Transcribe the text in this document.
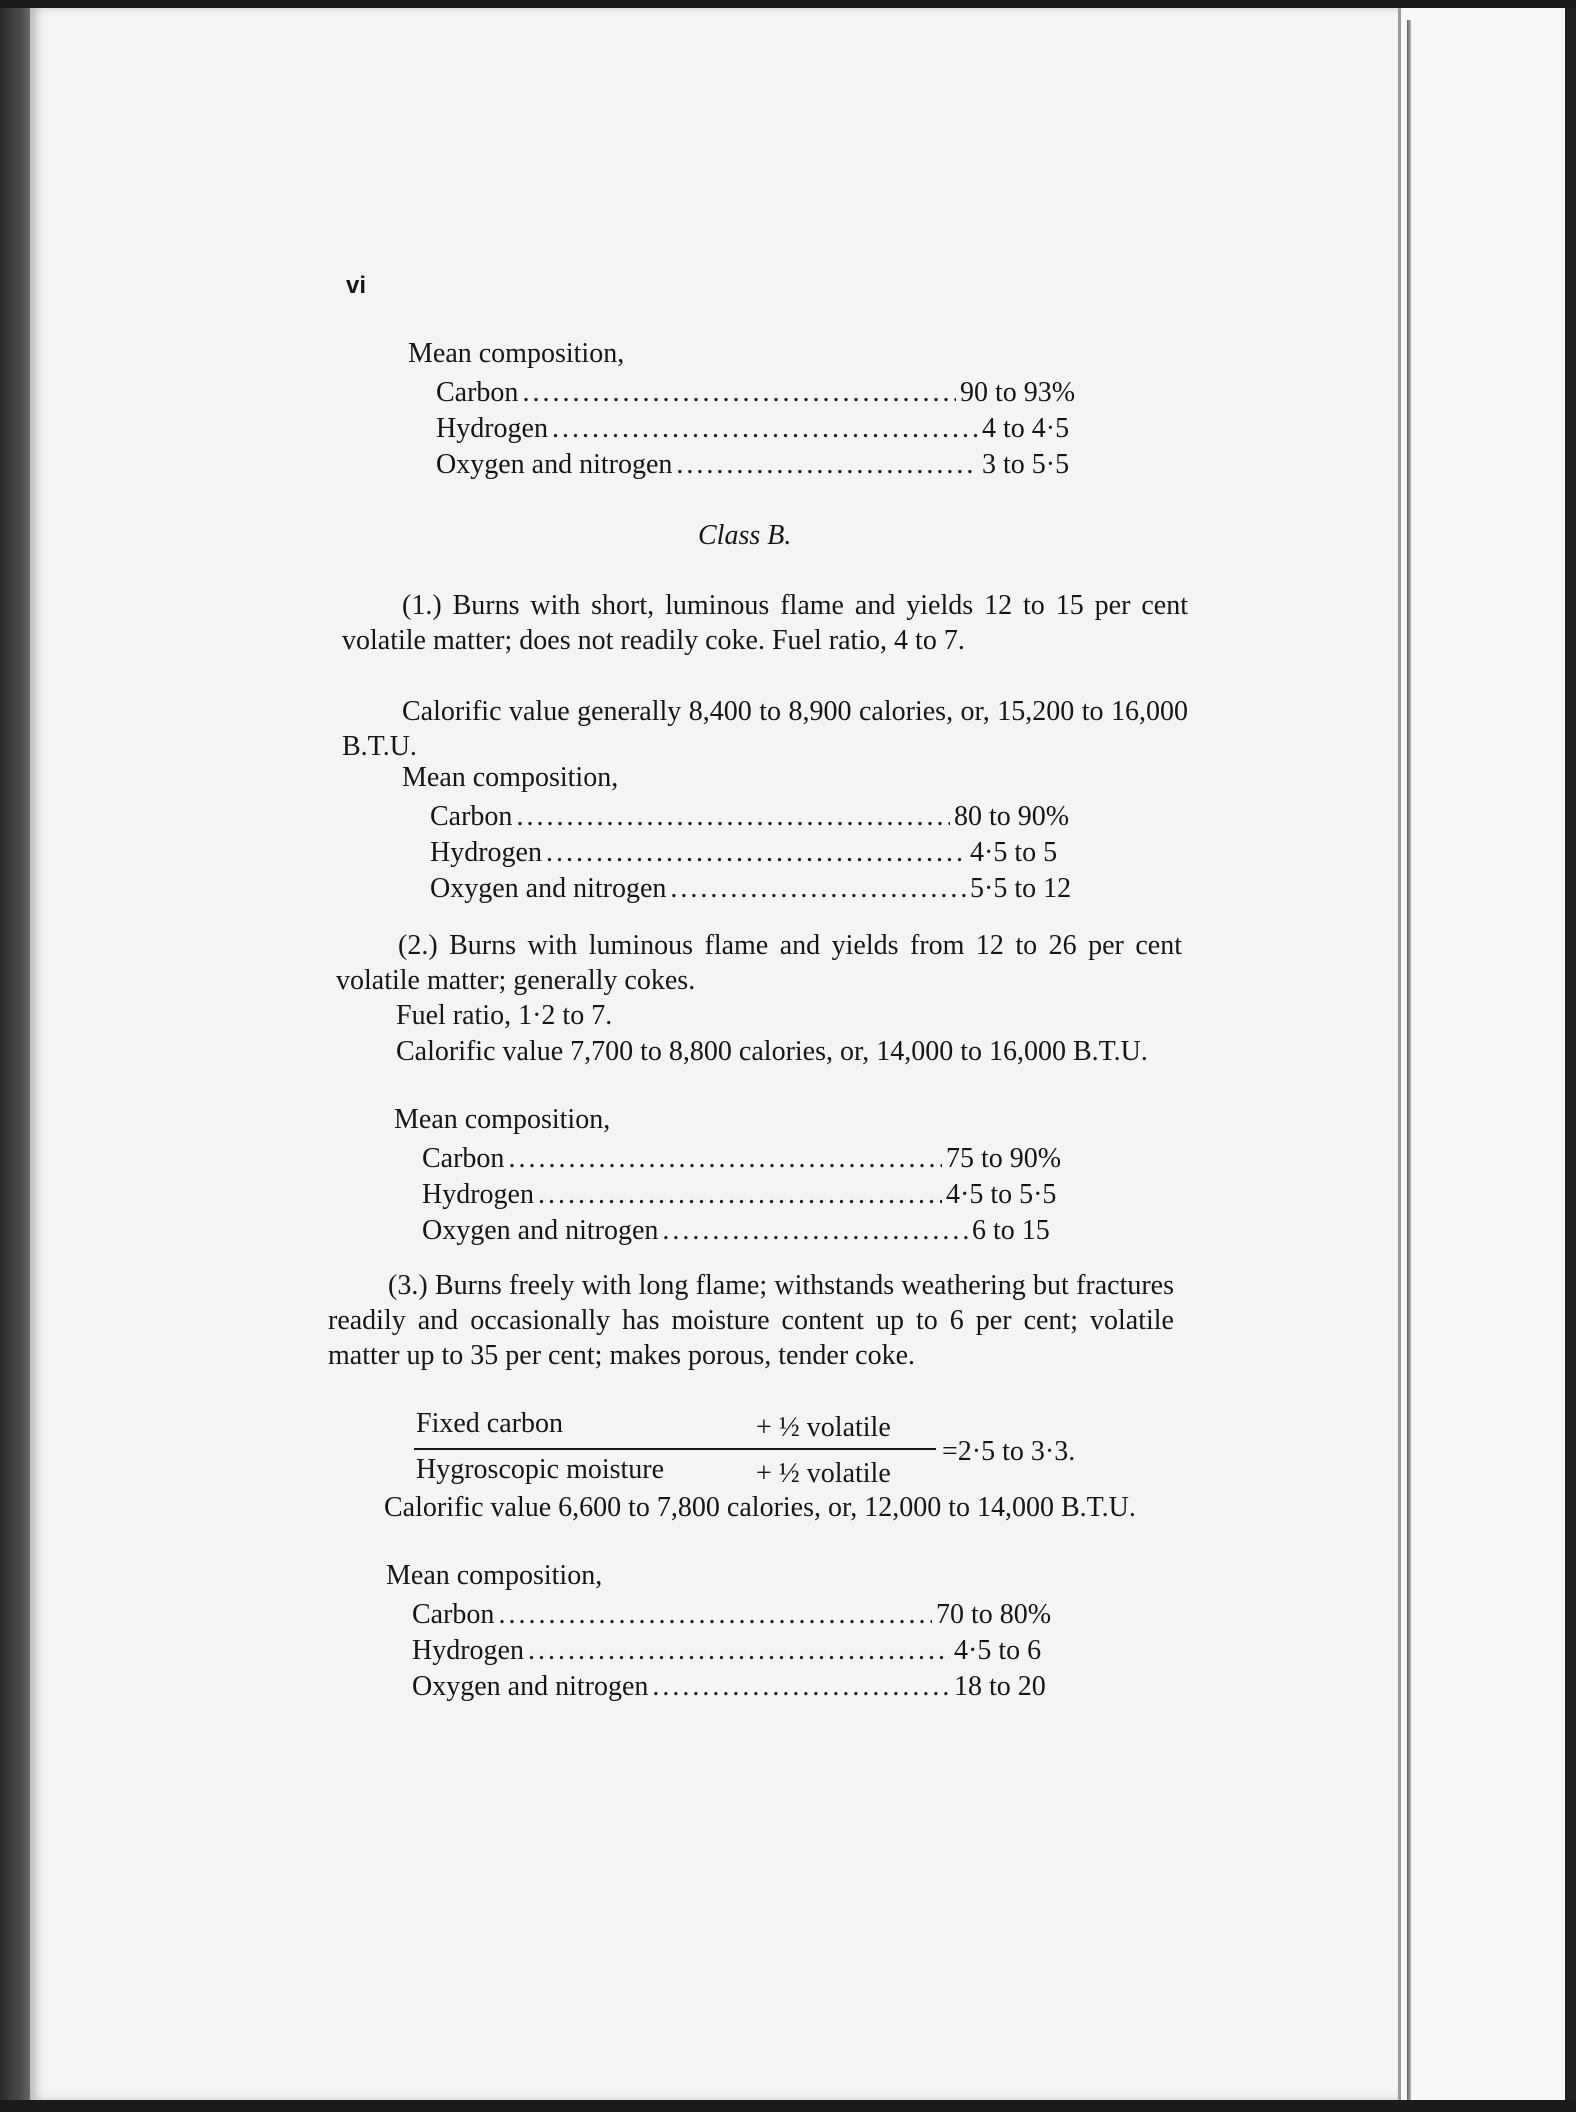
vi
Mean composition,
Carbon .....	90 to 93%
Hydrogen .....	4 to 4·5
Oxygen and nitrogen .....	3 to 5·5
Class B.
(1.) Burns with short, luminous flame and yields 12 to 15 per cent volatile matter; does not readily coke. Fuel ratio, 4 to 7.
Calorific value generally 8,400 to 8,900 calories, or, 15,200 to 16,000 B.T.U.
Mean composition,
Carbon .....	80 to 90%
Hydrogen .....	4·5 to 5
Oxygen and nitrogen .....	5·5 to 12
(2.) Burns with luminous flame and yields from 12 to 26 per cent volatile matter; generally cokes.
Fuel ratio, 1·2 to 7.
Calorific value 7,700 to 8,800 calories, or, 14,000 to 16,000 B.T.U.
Mean composition,
Carbon .....	75 to 90%
Hydrogen .....	4·5 to 5·5
Oxygen and nitrogen .....	6 to 15
(3.) Burns freely with long flame; withstands weathering but fractures readily and occasionally has moisture content up to 6 per cent; volatile matter up to 35 per cent; makes porous, tender coke.
Fixed carbon	+ ½ volatile
Hygroscopic moisture	+ ½ volatile
=2·5 to 3·3.
Calorific value 6,600 to 7,800 calories, or, 12,000 to 14,000 B.T.U.
Mean composition,
Carbon .....	70 to 80%
Hydrogen .....	4·5 to 6
Oxygen and nitrogen .....	18 to 20
